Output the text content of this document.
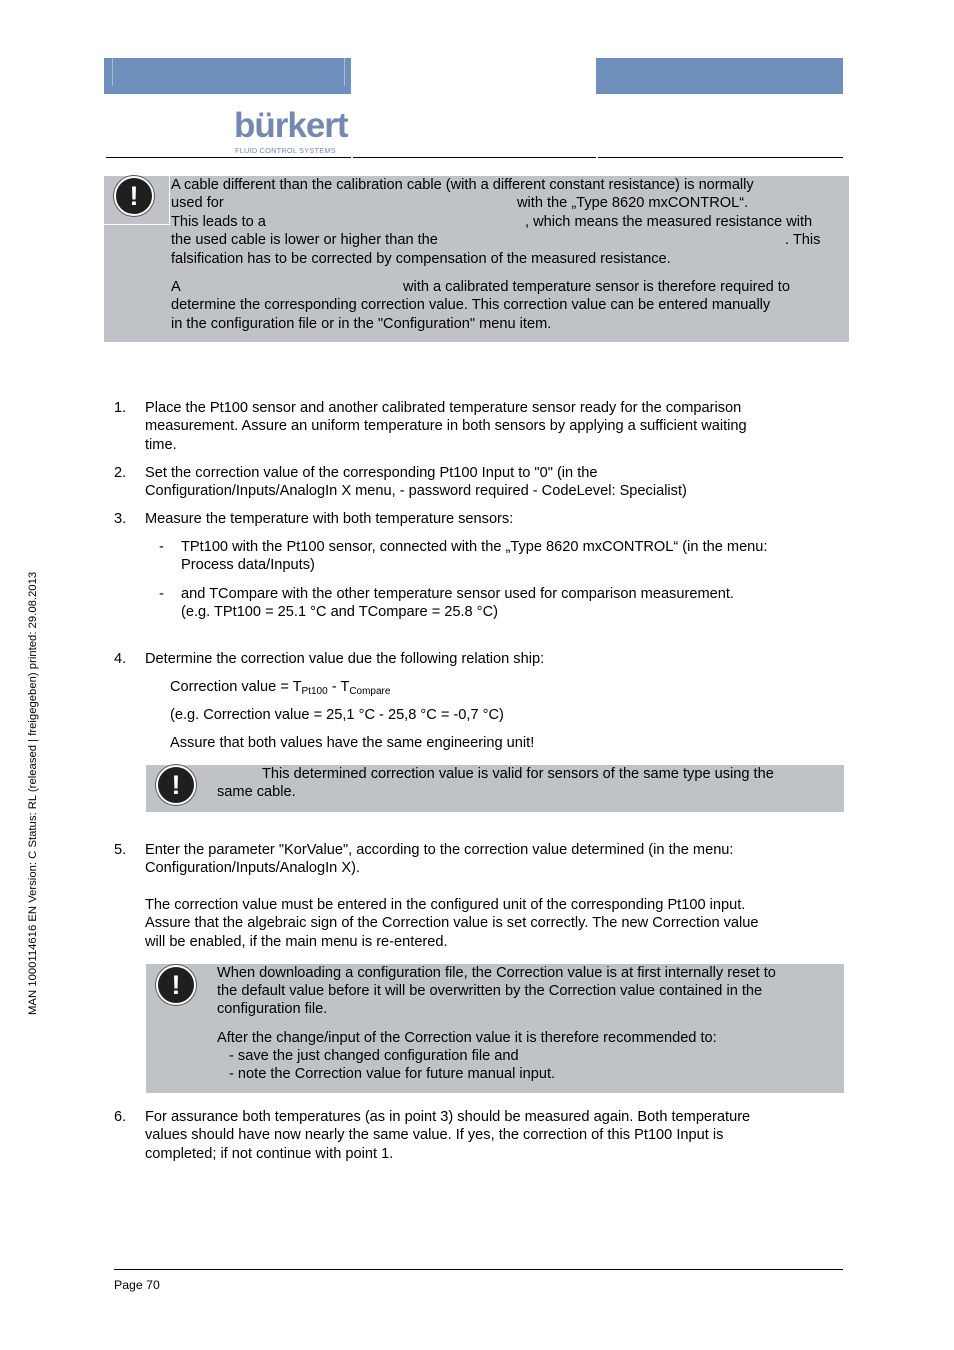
bürkert
FLUID CONTROL SYSTEMS
!	A cable different than the calibration cable (with a different constant resistance) is normally
used for	with the „Type 8620 mxCONTROL“.
This leads to a	, which means the measured resistance with
the used cable is lower or higher than the	. This
falsification has to be corrected by compensation of the measured resistance.
A	with a calibrated temperature sensor is therefore required to
determine the corresponding correction value. This correction value can be entered manually
in the configuration file or in the "Configuration" menu item.
1. Place the Pt100 sensor and another calibrated temperature sensor ready for the comparison
measurement. Assure an uniform temperature in both sensors by applying a sufficient waiting
time.
2. Set the correction value of the corresponding Pt100 Input to "0" (in the
Configuration/Inputs/AnalogIn X menu, - password required - CodeLevel: Specialist)
3. Measure the temperature with both temperature sensors:
- TPt100 with the Pt100 sensor, connected with the „Type 8620 mxCONTROL“ (in the menu:
Process data/Inputs)
- and TCompare with the other temperature sensor used for comparison measurement.
(e.g. TPt100 = 25.1 °C and TCompare = 25.8 °C)
4. Determine the correction value due the following relation ship:
Correction value = $T_{Pt100} - T_{Compare}$
(e.g. Correction value = 25,1 °C - 25,8 °C = -0,7 °C)
Assure that both values have the same engineering unit!
!	This determined correction value is valid for sensors of the same type using the
same cable.
5. Enter the parameter "KorValue", according to the correction value determined (in the menu:
Configuration/Inputs/AnalogIn X).
The correction value must be entered in the configured unit of the corresponding Pt100 input.
Assure that the algebraic sign of the Correction value is set correctly. The new Correction value
will be enabled, if the main menu is re-entered.
!	When downloading a configuration file, the Correction value is at first internally reset to
the default value before it will be overwritten by the Correction value contained in the
configuration file.
After the change/input of the Correction value it is therefore recommended to:
- save the just changed configuration file and
- note the Correction value for future manual input.
6. For assurance both temperatures (as in point 3) should be measured again. Both temperature
values should have now nearly the same value. If yes, the correction of this Pt100 Input is
completed; if not continue with point 1.
Page 70
MAN 1000114616 EN Version: C Status: RL (released | freigegeben) printed: 29.08.2013
